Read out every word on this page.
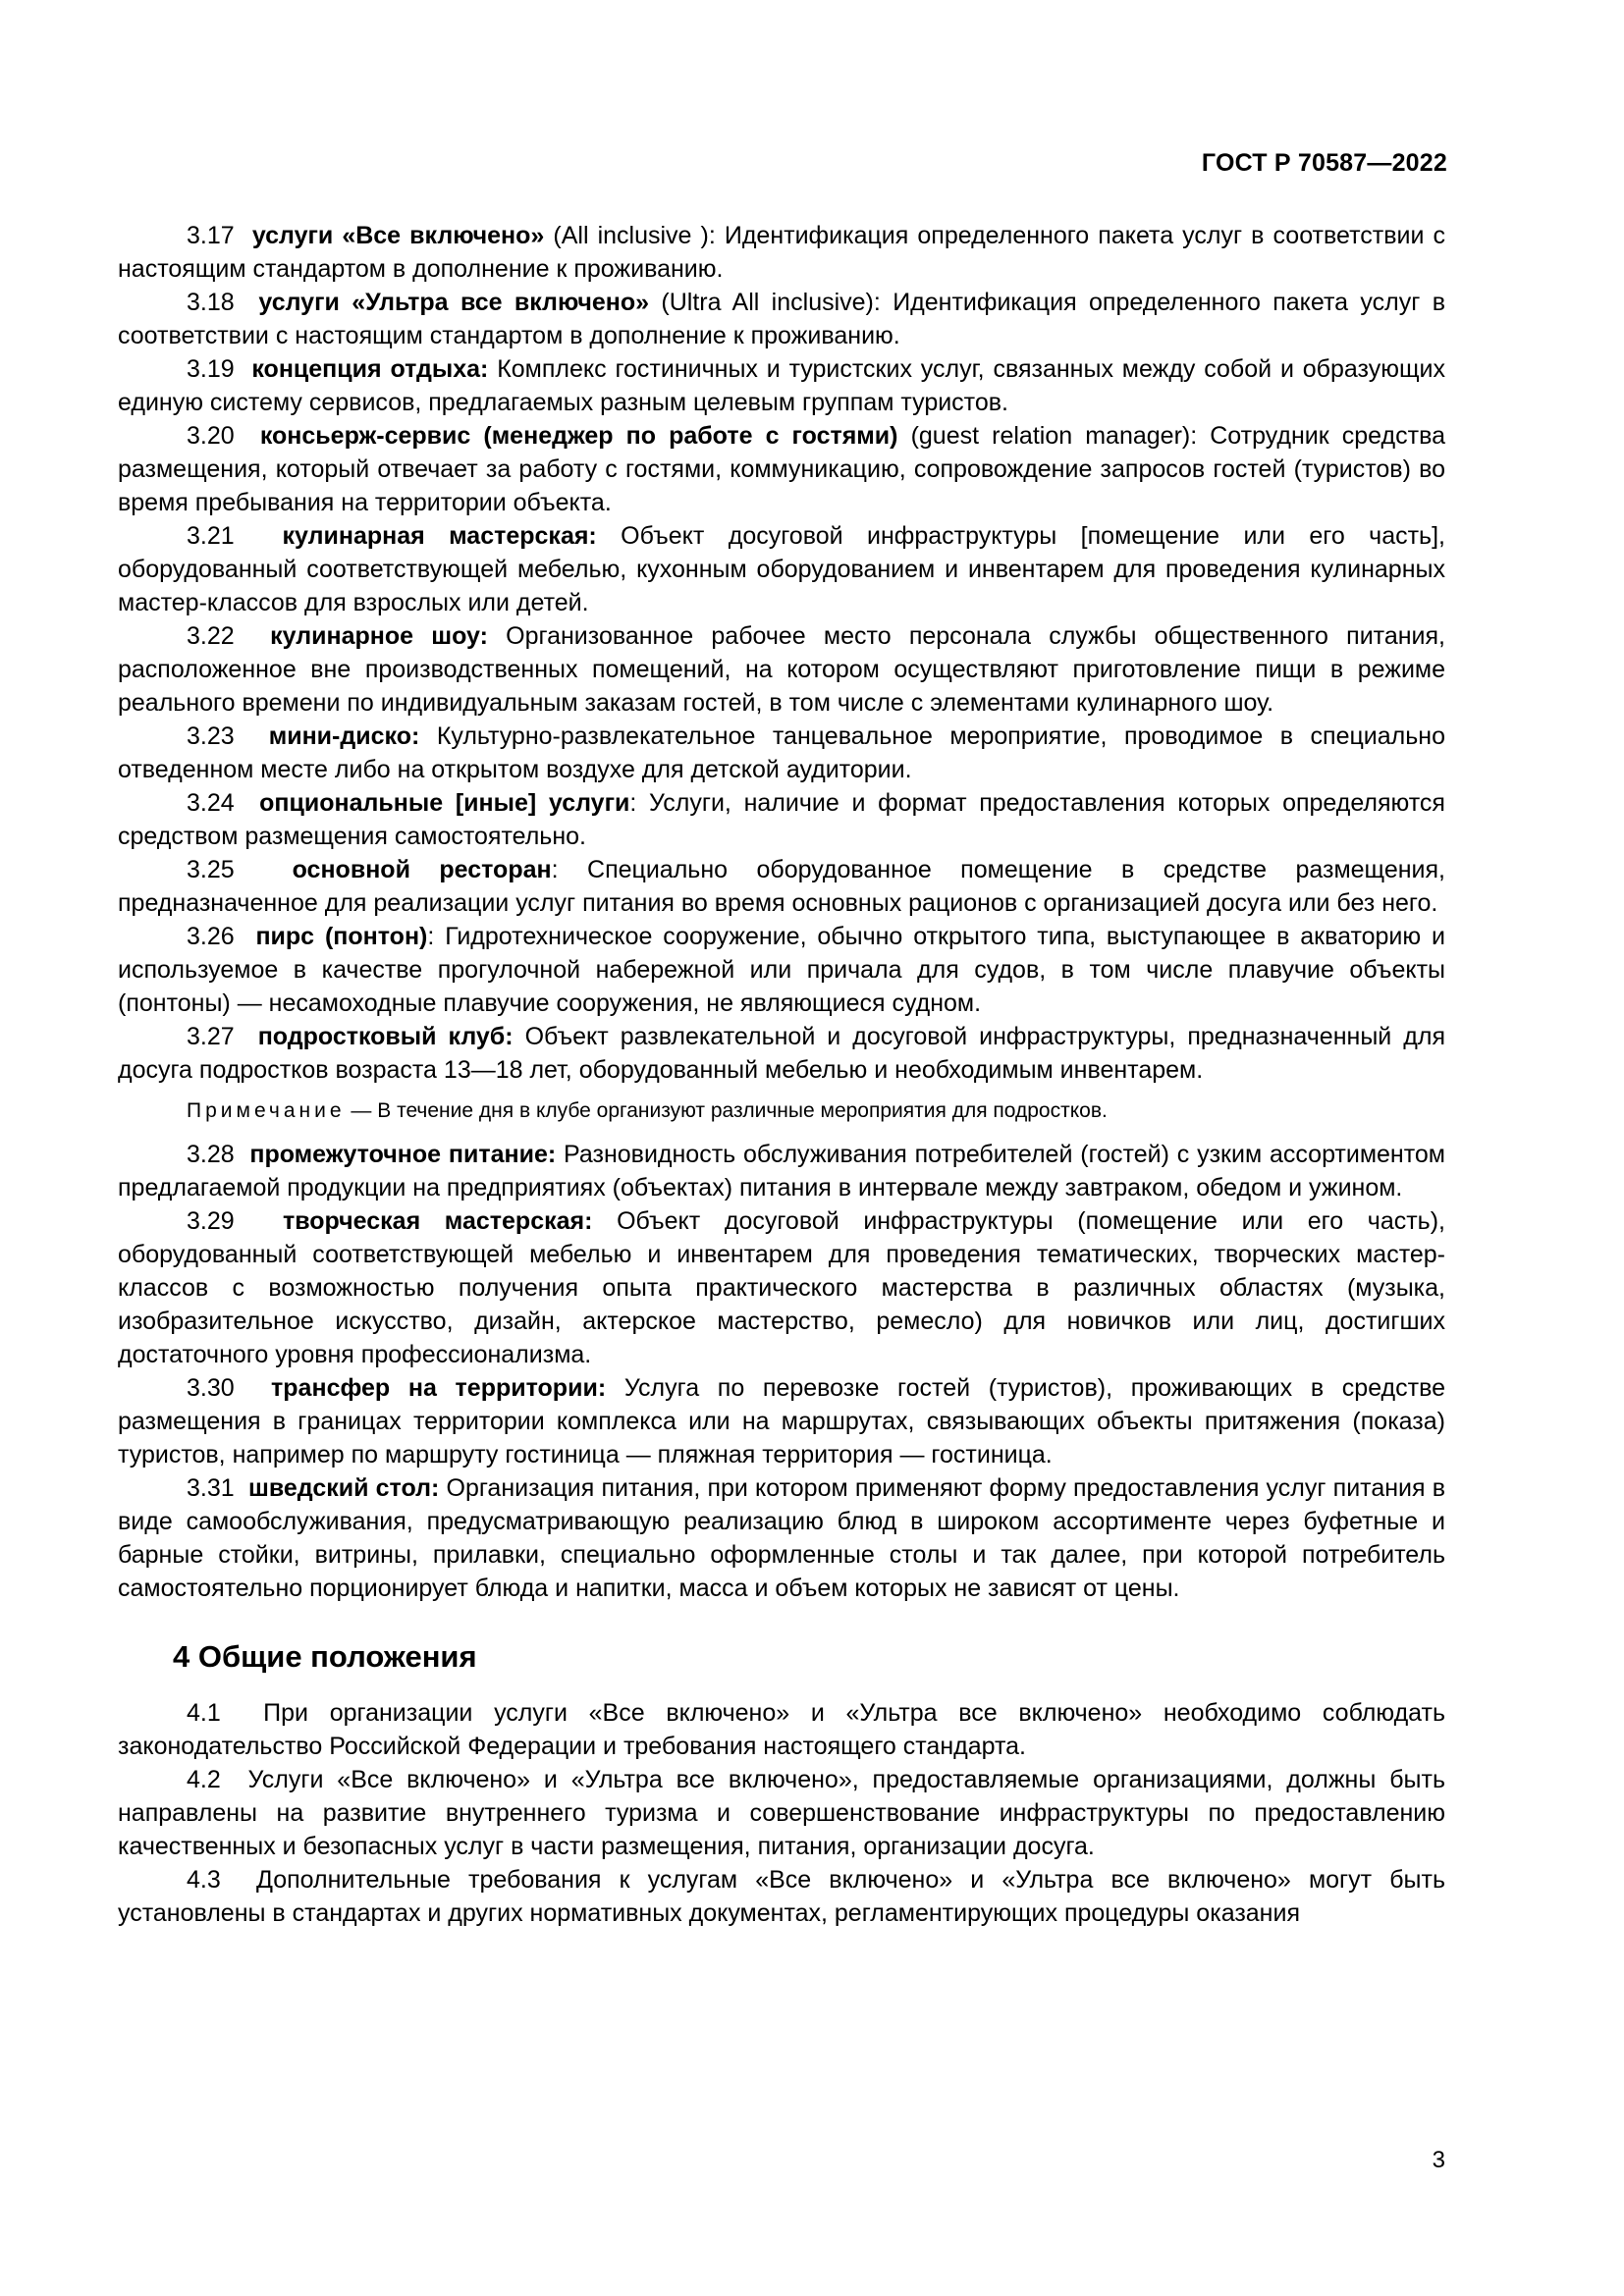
ГОСТ Р 70587—2022

3.17 услуги «Все включено» (All inclusive ): Идентификация определенного пакета услуг в соответствии с настоящим стандартом в дополнение к проживанию.

3.18 услуги «Ультра все включено» (Ultra All inclusive): Идентификация определенного пакета услуг в соответствии с настоящим стандартом в дополнение к проживанию.

3.19 концепция отдыха: Комплекс гостиничных и туристских услуг, связанных между собой и образующих единую систему сервисов, предлагаемых разным целевым группам туристов.

3.20 консьерж-сервис (менеджер по работе с гостями) (guest relation manager): Сотрудник средства размещения, который отвечает за работу с гостями, коммуникацию, сопровождение запросов гостей (туристов) во время пребывания на территории объекта.

3.21 кулинарная мастерская: Объект досуговой инфраструктуры [помещение или его часть], оборудованный соответствующей мебелью, кухонным оборудованием и инвентарем для проведения кулинарных мастер-классов для взрослых или детей.

3.22 кулинарное шоу: Организованное рабочее место персонала службы общественного питания, расположенное вне производственных помещений, на котором осуществляют приготовление пищи в режиме реального времени по индивидуальным заказам гостей, в том числе с элементами кулинарного шоу.

3.23 мини-диско: Культурно-развлекательное танцевальное мероприятие, проводимое в специально отведенном месте либо на открытом воздухе для детской аудитории.

3.24 опциональные [иные] услуги: Услуги, наличие и формат предоставления которых определяются средством размещения самостоятельно.

3.25 основной ресторан: Специально оборудованное помещение в средстве размещения, предназначенное для реализации услуг питания во время основных рационов с организацией досуга или без него.

3.26 пирс (понтон): Гидротехническое сооружение, обычно открытого типа, выступающее в акваторию и используемое в качестве прогулочной набережной или причала для судов, в том числе плавучие объекты (понтоны) — несамоходные плавучие сооружения, не являющиеся судном.

3.27 подростковый клуб: Объект развлекательной и досуговой инфраструктуры, предназначенный для досуга подростков возраста 13—18 лет, оборудованный мебелью и необходимым инвентарем.

Примечание — В течение дня в клубе организуют различные мероприятия для подростков.

3.28 промежуточное питание: Разновидность обслуживания потребителей (гостей) с узким ассортиментом предлагаемой продукции на предприятиях (объектах) питания в интервале между завтраком, обедом и ужином.

3.29 творческая мастерская: Объект досуговой инфраструктуры (помещение или его часть), оборудованный соответствующей мебелью и инвентарем для проведения тематических, творческих мастер-классов с возможностью получения опыта практического мастерства в различных областях (музыка, изобразительное искусство, дизайн, актерское мастерство, ремесло) для новичков или лиц, достигших достаточного уровня профессионализма.

3.30 трансфер на территории: Услуга по перевозке гостей (туристов), проживающих в средстве размещения в границах территории комплекса или на маршрутах, связывающих объекты притяжения (показа) туристов, например по маршруту гостиница — пляжная территория — гостиница.

3.31 шведский стол: Организация питания, при котором применяют форму предоставления услуг питания в виде самообслуживания, предусматривающую реализацию блюд в широком ассортименте через буфетные и барные стойки, витрины, прилавки, специально оформленные столы и так далее, при которой потребитель самостоятельно порционирует блюда и напитки, масса и объем которых не зависят от цены.

4 Общие положения

4.1 При организации услуги «Все включено» и «Ультра все включено» необходимо соблюдать законодательство Российской Федерации и требования настоящего стандарта.

4.2 Услуги «Все включено» и «Ультра все включено», предоставляемые организациями, должны быть направлены на развитие внутреннего туризма и совершенствование инфраструктуры по предоставлению качественных и безопасных услуг в части размещения, питания, организации досуга.

4.3 Дополнительные требования к услугам «Все включено» и «Ультра все включено» могут быть установлены в стандартах и других нормативных документах, регламентирующих процедуры оказания

3
